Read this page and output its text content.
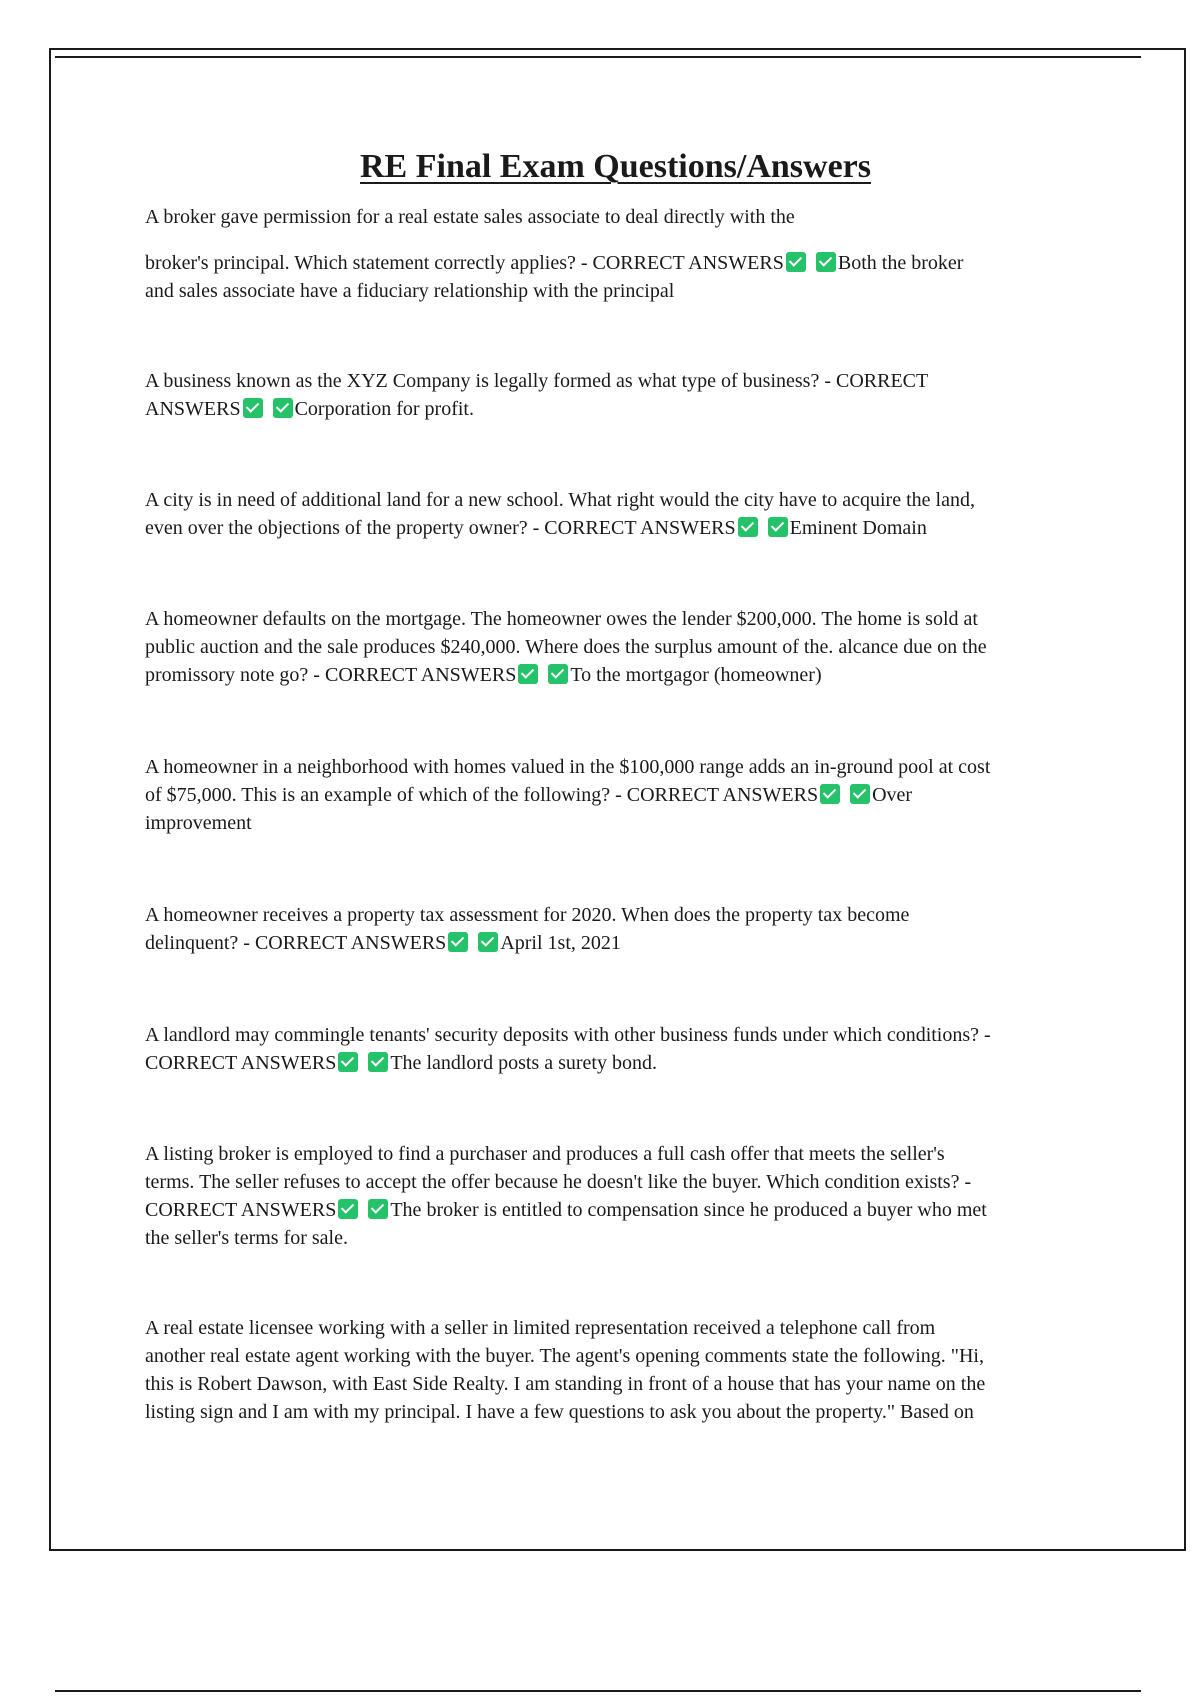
RE Final Exam Questions/Answers

A broker gave permission for a real estate sales associate to deal directly with the
broker's principal. Which statement correctly applies? - CORRECT ANSWERS	Both the broker
and sales associate have a fiduciary relationship with the principal

A business known as the XYZ Company is legally formed as what type of business? - CORRECT
ANSWERS	Corporation for profit.

A city is in need of additional land for a new school. What right would the city have to acquire the land,
even over the objections of the property owner? - CORRECT ANSWERS	Eminent Domain

A homeowner defaults on the mortgage. The homeowner owes the lender $200,000. The home is sold at
public auction and the sale produces $240,000. Where does the surplus amount of the. alcance due on the
promissory note go? - CORRECT ANSWERS	To the mortgagor (homeowner)

A homeowner in a neighborhood with homes valued in the $100,000 range adds an in-ground pool at cost
of $75,000. This is an example of which of the following? - CORRECT ANSWERS	Over
improvement

A homeowner receives a property tax assessment for 2020. When does the property tax become
delinquent? - CORRECT ANSWERS	April 1st, 2021

A landlord may commingle tenants' security deposits with other business funds under which conditions? -
CORRECT ANSWERS	The landlord posts a surety bond.

A listing broker is employed to find a purchaser and produces a full cash offer that meets the seller's
terms. The seller refuses to accept the offer because he doesn't like the buyer. Which condition exists? -
CORRECT ANSWERS	The broker is entitled to compensation since he produced a buyer who met
the seller's terms for sale.

A real estate licensee working with a seller in limited representation received a telephone call from
another real estate agent working with the buyer. The agent's opening comments state the following. "Hi,
this is Robert Dawson, with East Side Realty. I am standing in front of a house that has your name on the
listing sign and I am with my principal. I have a few questions to ask you about the property." Based on
